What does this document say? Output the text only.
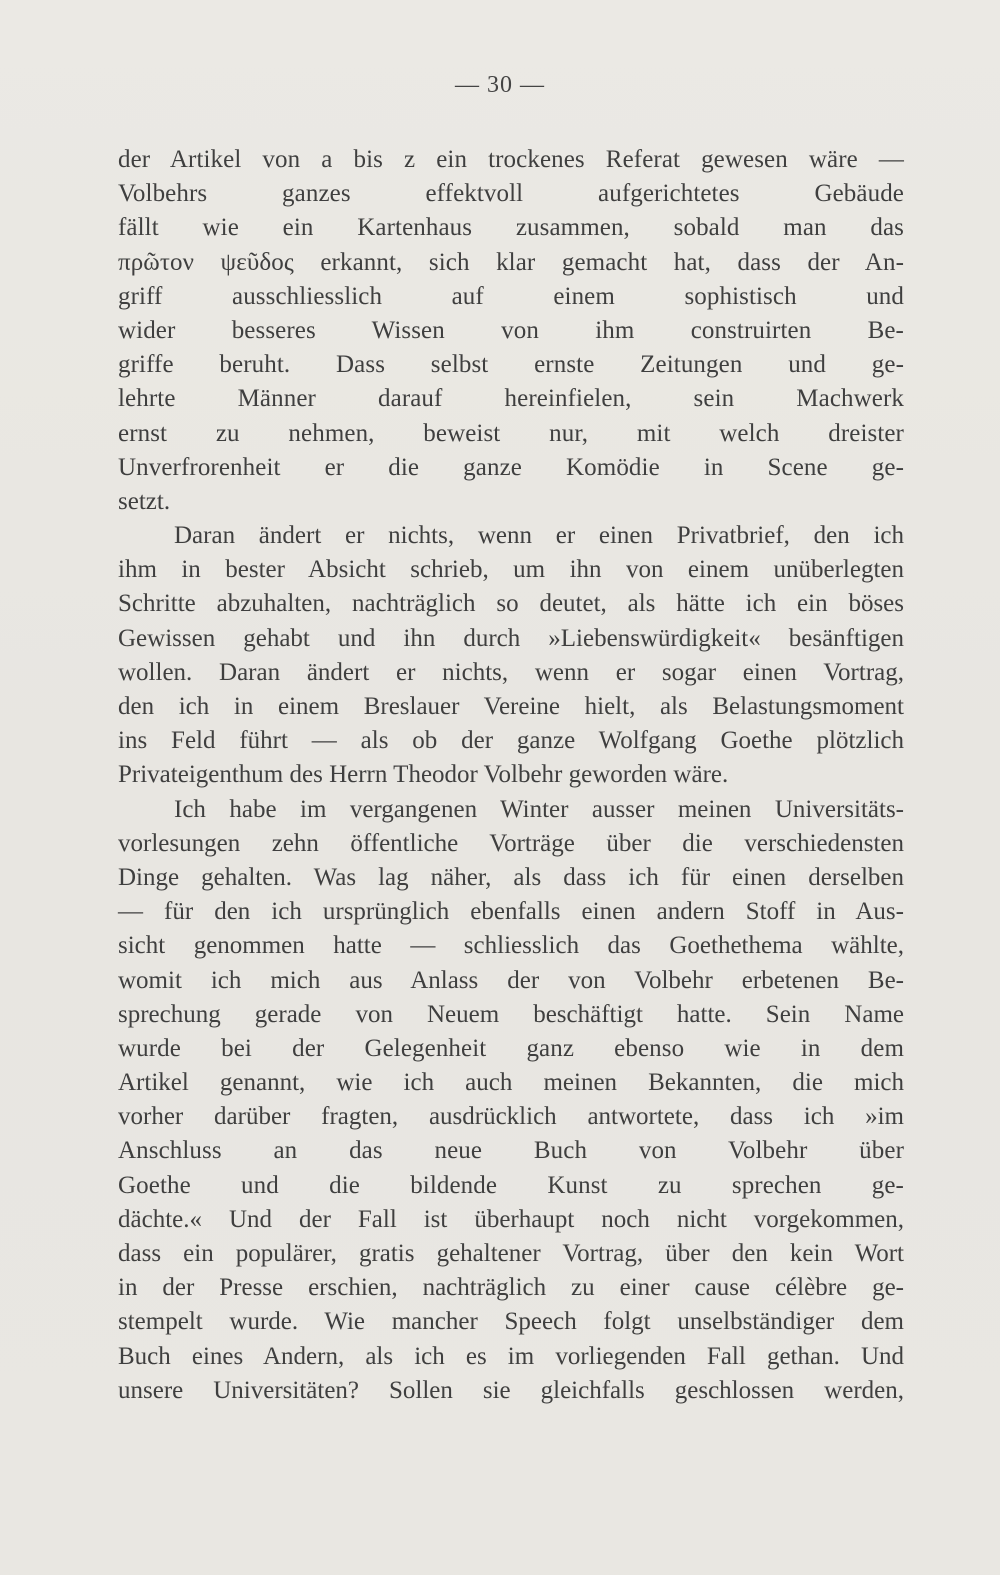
— 30 —
der Artikel von a bis z ein trockenes Referat gewesen wäre —
Volbehrs ganzes effektvoll aufgerichtetes Gebäude
fällt wie ein Kartenhaus zusammen, sobald man das
πρῶτον ψεῦδος erkannt, sich klar gemacht hat, dass der An-
griff ausschliesslich auf einem sophistisch und
wider besseres Wissen von ihm construirten Be-
griffe beruht. Dass selbst ernste Zeitungen und ge-
lehrte Männer darauf hereinfielen, sein Machwerk
ernst zu nehmen, beweist nur, mit welch dreister
Unverfrorenheit er die ganze Komödie in Scene ge-
setzt.
Daran ändert er nichts, wenn er einen Privatbrief, den ich
ihm in bester Absicht schrieb, um ihn von einem unüberlegten
Schritte abzuhalten, nachträglich so deutet, als hätte ich ein böses
Gewissen gehabt und ihn durch »Liebenswürdigkeit« besänftigen
wollen. Daran ändert er nichts, wenn er sogar einen Vortrag,
den ich in einem Breslauer Vereine hielt, als Belastungsmoment
ins Feld führt — als ob der ganze Wolfgang Goethe plötzlich
Privateigenthum des Herrn Theodor Volbehr geworden wäre.
Ich habe im vergangenen Winter ausser meinen Universitäts-
vorlesungen zehn öffentliche Vorträge über die verschiedensten
Dinge gehalten. Was lag näher, als dass ich für einen derselben
— für den ich ursprünglich ebenfalls einen andern Stoff in Aus-
sicht genommen hatte — schliesslich das Goethethema wählte,
womit ich mich aus Anlass der von Volbehr erbetenen Be-
sprechung gerade von Neuem beschäftigt hatte. Sein Name
wurde bei der Gelegenheit ganz ebenso wie in dem
Artikel genannt, wie ich auch meinen Bekannten, die mich
vorher darüber fragten, ausdrücklich antwortete, dass ich »im
Anschluss an das neue Buch von Volbehr über
Goethe und die bildende Kunst zu sprechen ge-
dächte.« Und der Fall ist überhaupt noch nicht vorgekommen,
dass ein populärer, gratis gehaltener Vortrag, über den kein Wort
in der Presse erschien, nachträglich zu einer cause célèbre ge-
stempelt wurde. Wie mancher Speech folgt unselbständiger dem
Buch eines Andern, als ich es im vorliegenden Fall gethan. Und
unsere Universitäten? Sollen sie gleichfalls geschlossen werden,
